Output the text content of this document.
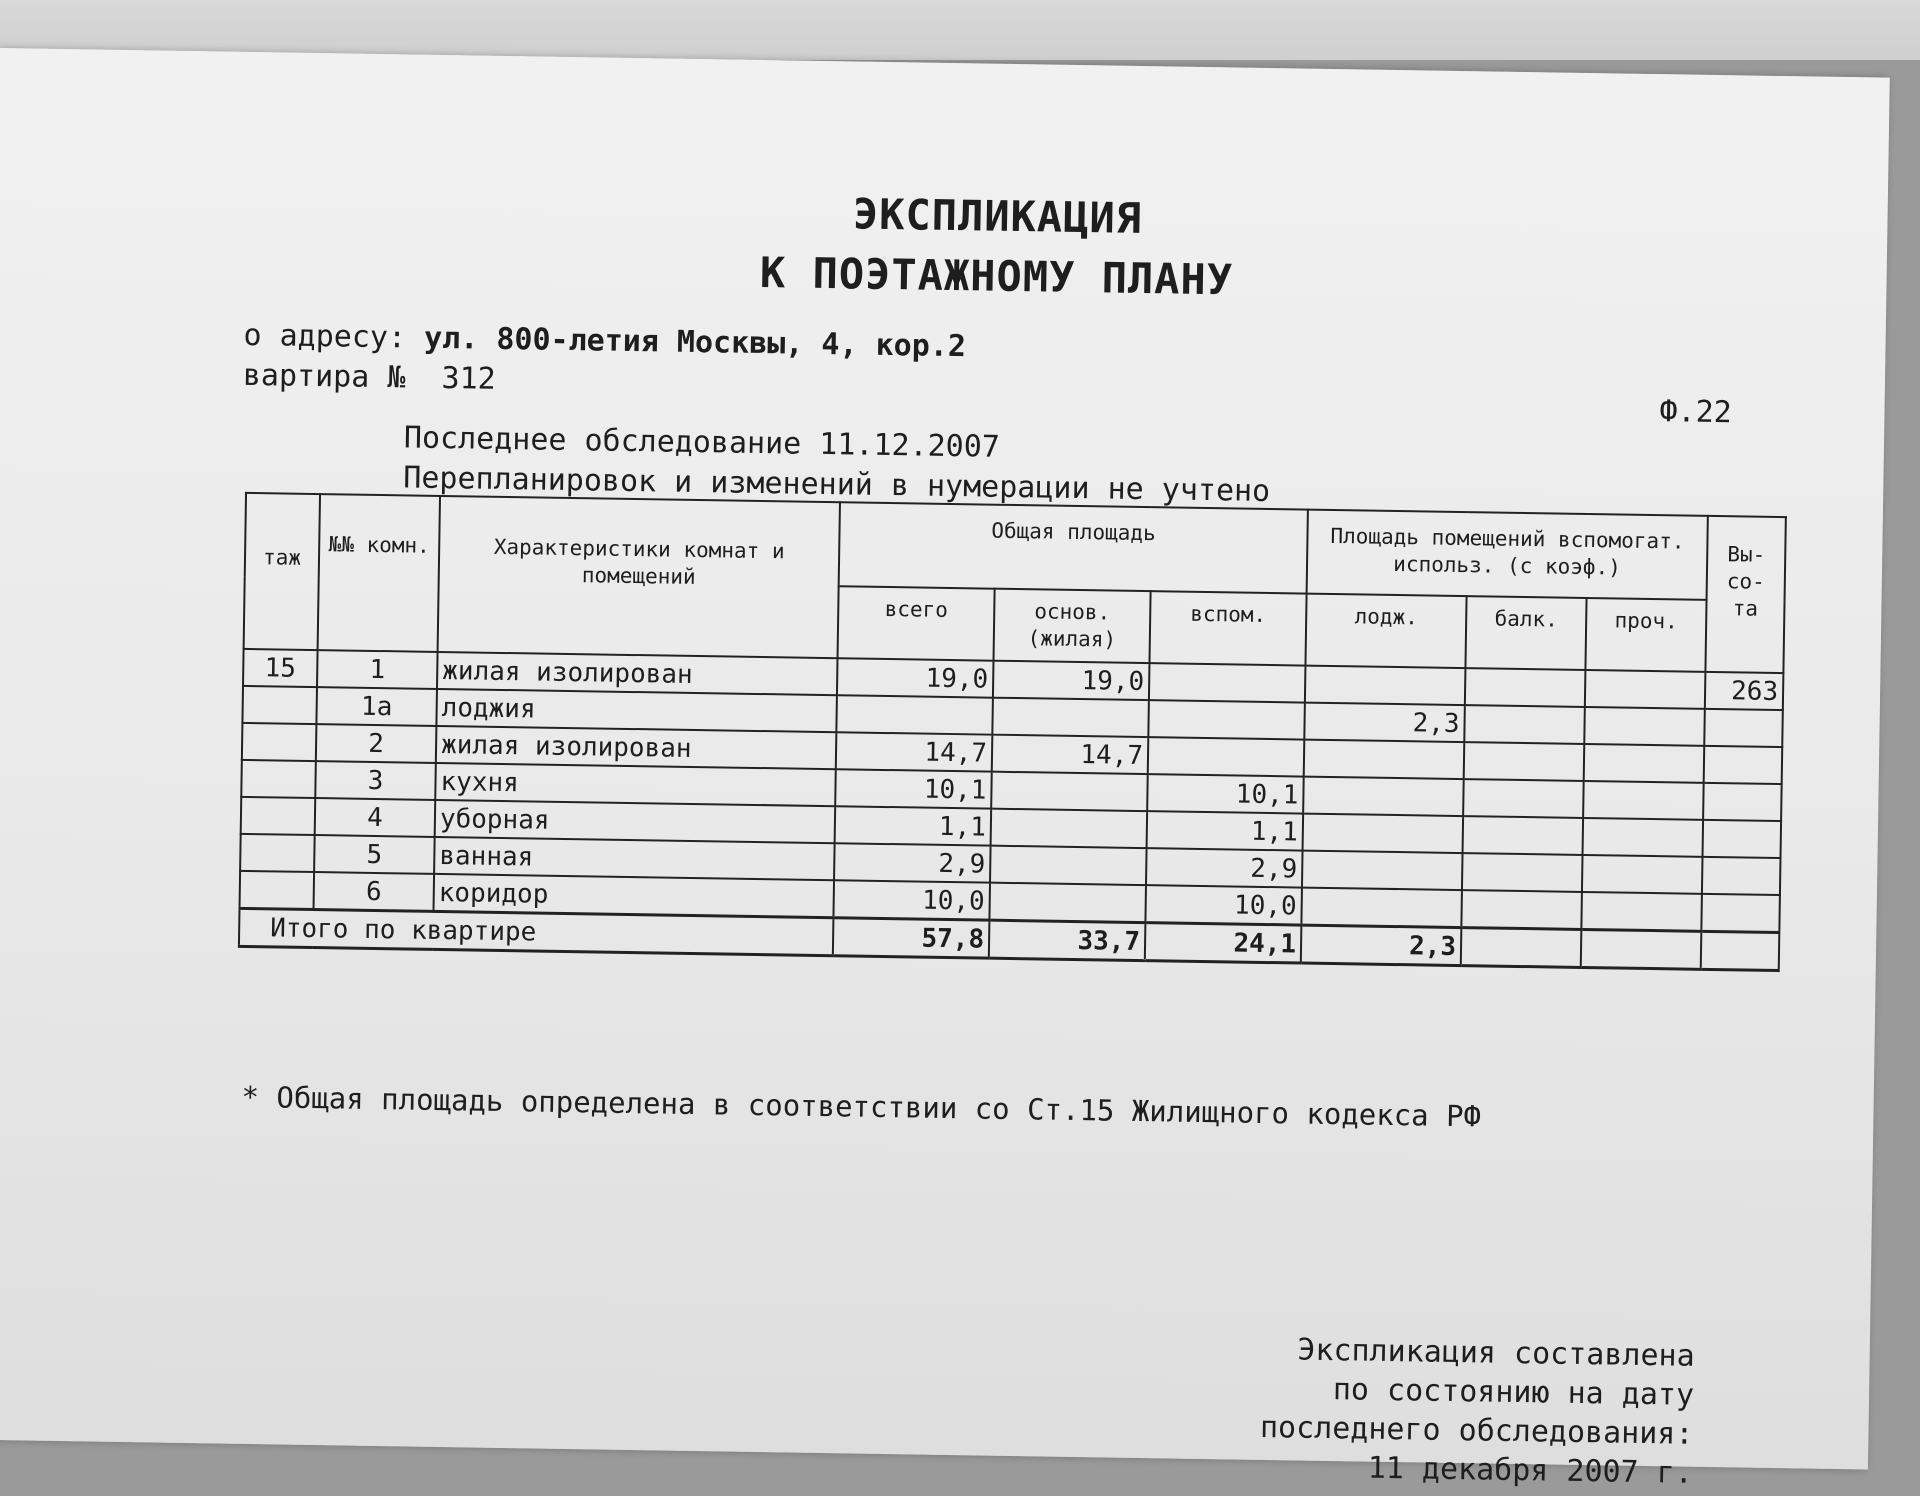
ЭКСПЛИКАЦИЯ
К ПОЭТАЖНОМУ ПЛАНУ
о адресу: ул. 800-летия Москвы, 4, кор.2
вартира № 312
Ф.22
Последнее обследование 11.12.2007
Перепланировок и изменений в нумерации не учтено
таж	№№ комн.	Характеристики комнат и помещений	Общая площадь			Площадь помещений вспомогат. использ. (с коэф.)			Вы- со- та
			всего	основ. (жилая)	вспом.	лодж.	балк.	проч.	
15	1	жилая изолирован	19,0	19,0					263
	1а	лоджия				2,3			
	2	жилая изолирован	14,7	14,7					
	3	кухня	10,1		10,1				
	4	уборная	1,1		1,1				
	5	ванная	2,9		2,9				
	6	коридор	10,0		10,0				
Итого по квартире			57,8	33,7	24,1	2,3			
* Общая площадь определена в соответствии со Ст.15 Жилищного кодекса РФ
Экспликация составлена
по состоянию на дату
последнего обследования:
11 декабря 2007 г.
